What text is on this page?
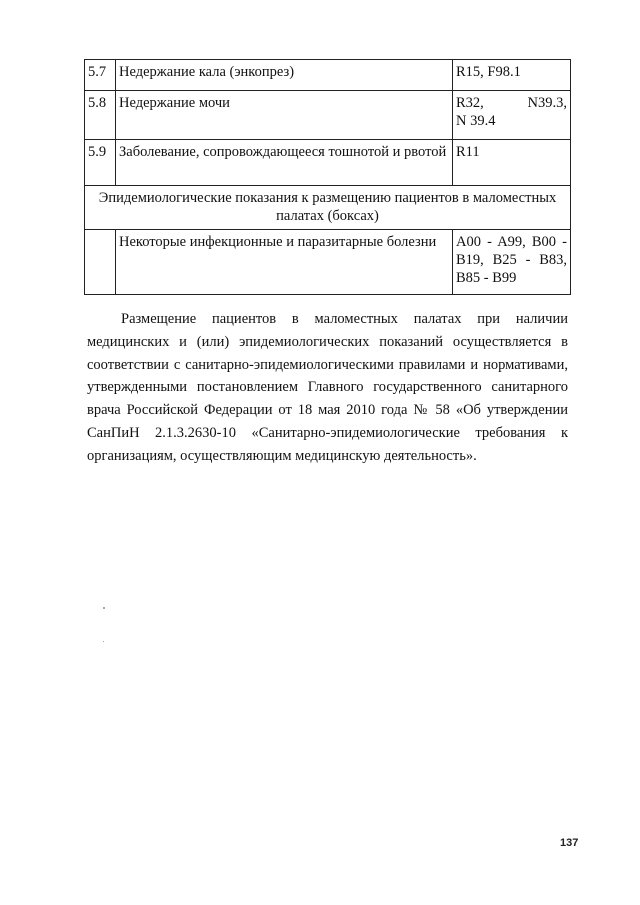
5.7	Недержание кала (энкопрез)	R15, F98.1
5.8	Недержание мочи	R32, N39.3,
N 39.4

5.9	Заболевание, сопровождающееся тошнотой и рвотой	R11
Эпидемиологические показания к размещению пациентов в маломестных палатах (боксах)		
	Некоторые инфекционные и паразитарные болезни	A00 - A99, B00 -
B19, B25 - B83,
B85 - B99
Размещение пациентов в маломестных палатах при наличии
медицинских и (или) эпидемиологических показаний осуществляется в
соответствии с санитарно-эпидемиологическими правилами и нормативами,
утвержденными постановлением Главного государственного санитарного
врача Российской Федерации от 18 мая 2010 года № 58 «Об утверждении
СанПиН 2.1.3.2630-10 «Санитарно-эпидемиологические требования к
организациям, осуществляющим медицинскую деятельность».
137
